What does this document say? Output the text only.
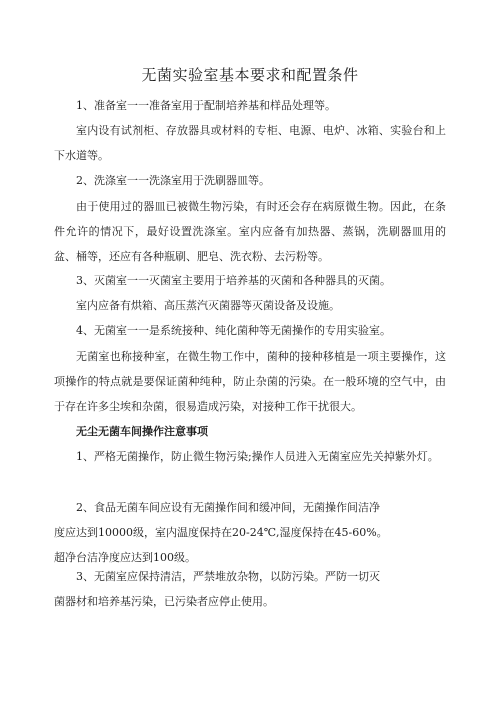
无菌实验室基本要求和配置条件
1、准备室一一准备室用于配制培养基和样品处理等。
室内设有试剂柜、存放器具或材料的专柜、电源、电炉、冰箱、实验台和上下水道等。
2、洗涤室一一洗涤室用于洗刷器皿等。
由于使用过的器皿已被微生物污染，有时还会存在病原微生物。因此，在条件允许的情况下，最好设置洗涤室。室内应备有加热器、蒸锅，洗刷器皿用的盆、桶等，还应有各种瓶刷、肥皂、洗衣粉、去污粉等。
3、灭菌室一一灭菌室主要用于培养基的灭菌和各种器具的灭菌。
室内应备有烘箱、高压蒸汽灭菌器等灭菌设备及设施。
4、无菌室一一是系统接种、纯化菌种等无菌操作的专用实验室。
无菌室也称接种室，在微生物工作中，菌种的接种移植是一项主要操作，这项操作的特点就是要保证菌种纯种，防止杂菌的污染。在一般环境的空气中，由于存在许多尘埃和杂菌，很易造成污染，对接种工作干扰很大。
无尘无菌车间操作注意事项
1、严格无菌操作，防止微生物污染;操作人员进入无菌室应先关掉紫外灯。
2、食品无菌车间应设有无菌操作间和缓冲间，无菌操作间洁净
度应达到10000级，室内温度保持在20-24℃,湿度保持在45-60%。
超净台洁净度应达到100级。
3、无菌室应保持清洁，严禁堆放杂物，以防污染。严防一切灭
菌器材和培养基污染，已污染者应停止使用。
